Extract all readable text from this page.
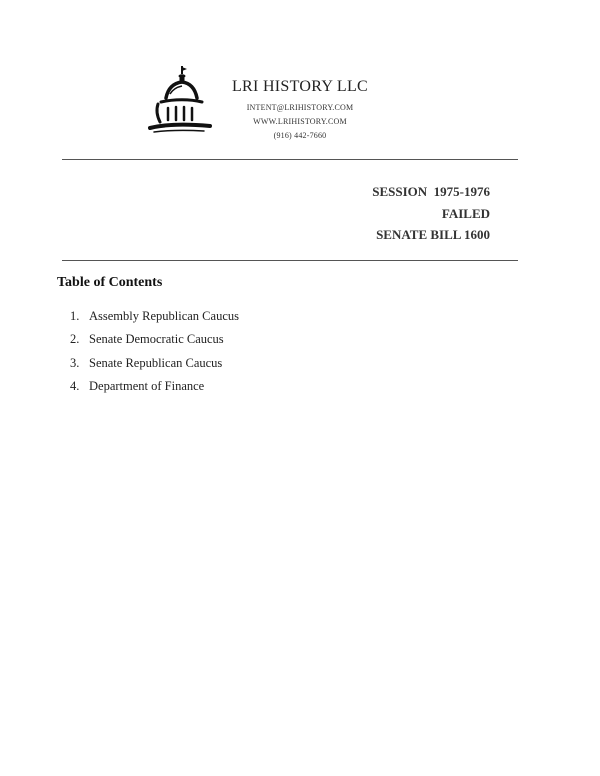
LRI HISTORY LLC
INTENT@LRIHISTORY.COM
WWW.LRIHISTORY.COM
(916) 442-7660
SESSION  1975-1976
FAILED
SENATE BILL 1600
Table of Contents
1. Assembly Republican Caucus
2. Senate Democratic Caucus
3. Senate Republican Caucus
4. Department of Finance
